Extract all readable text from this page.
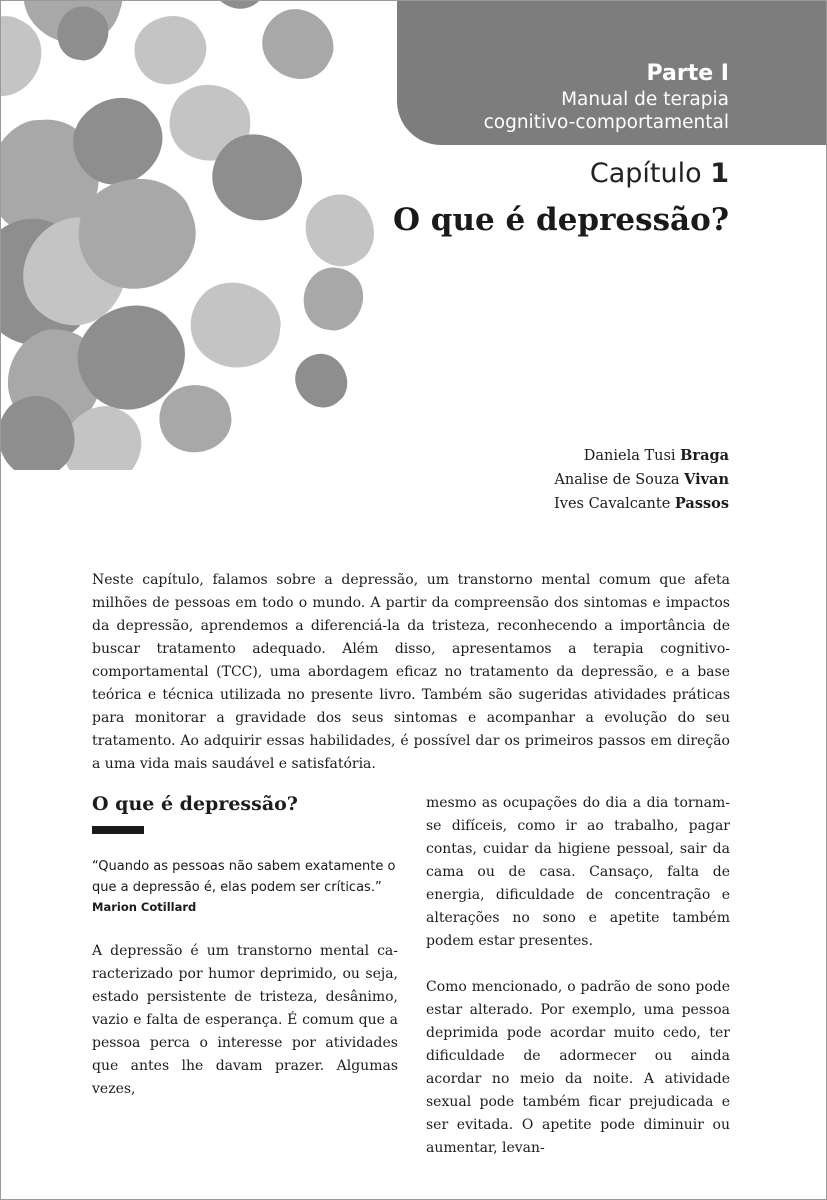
Parte I
Manual de terapia
cognitivo-comportamental
Capítulo 1
O que é depressão?
Daniela Tusi Braga
Analise de Souza Vivan
Ives Cavalcante Passos

Neste capítulo, falamos sobre a depressão, um transtorno mental comum que afeta milhões de pessoas em todo o mundo. A partir da compreensão dos sintomas e impactos da depressão, aprendemos a diferenciá-la da tristeza, reconhecendo a importância de buscar tratamento adequado. Além disso, apresentamos a terapia cognitivo-comportamental (TCC), uma abordagem eficaz no tratamento da depressão, e a base teórica e técnica utilizada no presente livro. Também são sugeridas atividades práticas para monitorar a gravidade dos seus sintomas e acompanhar a evolução do seu tratamento. Ao adquirir essas habilidades, é possível dar os primeiros passos em direção a uma vida mais saudável e satisfatória.

O que é depressão?
“Quando as pessoas não sabem exatamente o que a depressão é, elas podem ser críticas.”
Marion Cotillard

A depressão é um transtorno mental caracterizado por humor deprimido, ou seja, estado persistente de tristeza, desânimo, vazio e falta de esperança. É comum que a pessoa perca o interesse por atividades que antes lhe davam prazer. Algumas vezes,

mesmo as ocupações do dia a dia tornam-se difíceis, como ir ao trabalho, pagar contas, cuidar da higiene pessoal, sair da cama ou de casa. Cansaço, falta de energia, dificuldade de concentração e alterações no sono e apetite também podem estar presentes.

Como mencionado, o padrão de sono pode estar alterado. Por exemplo, uma pessoa deprimida pode acordar muito cedo, ter dificuldade de adormecer ou ainda acordar no meio da noite. A atividade sexual pode também ficar prejudicada e ser evitada. O apetite pode diminuir ou aumentar, levan-
